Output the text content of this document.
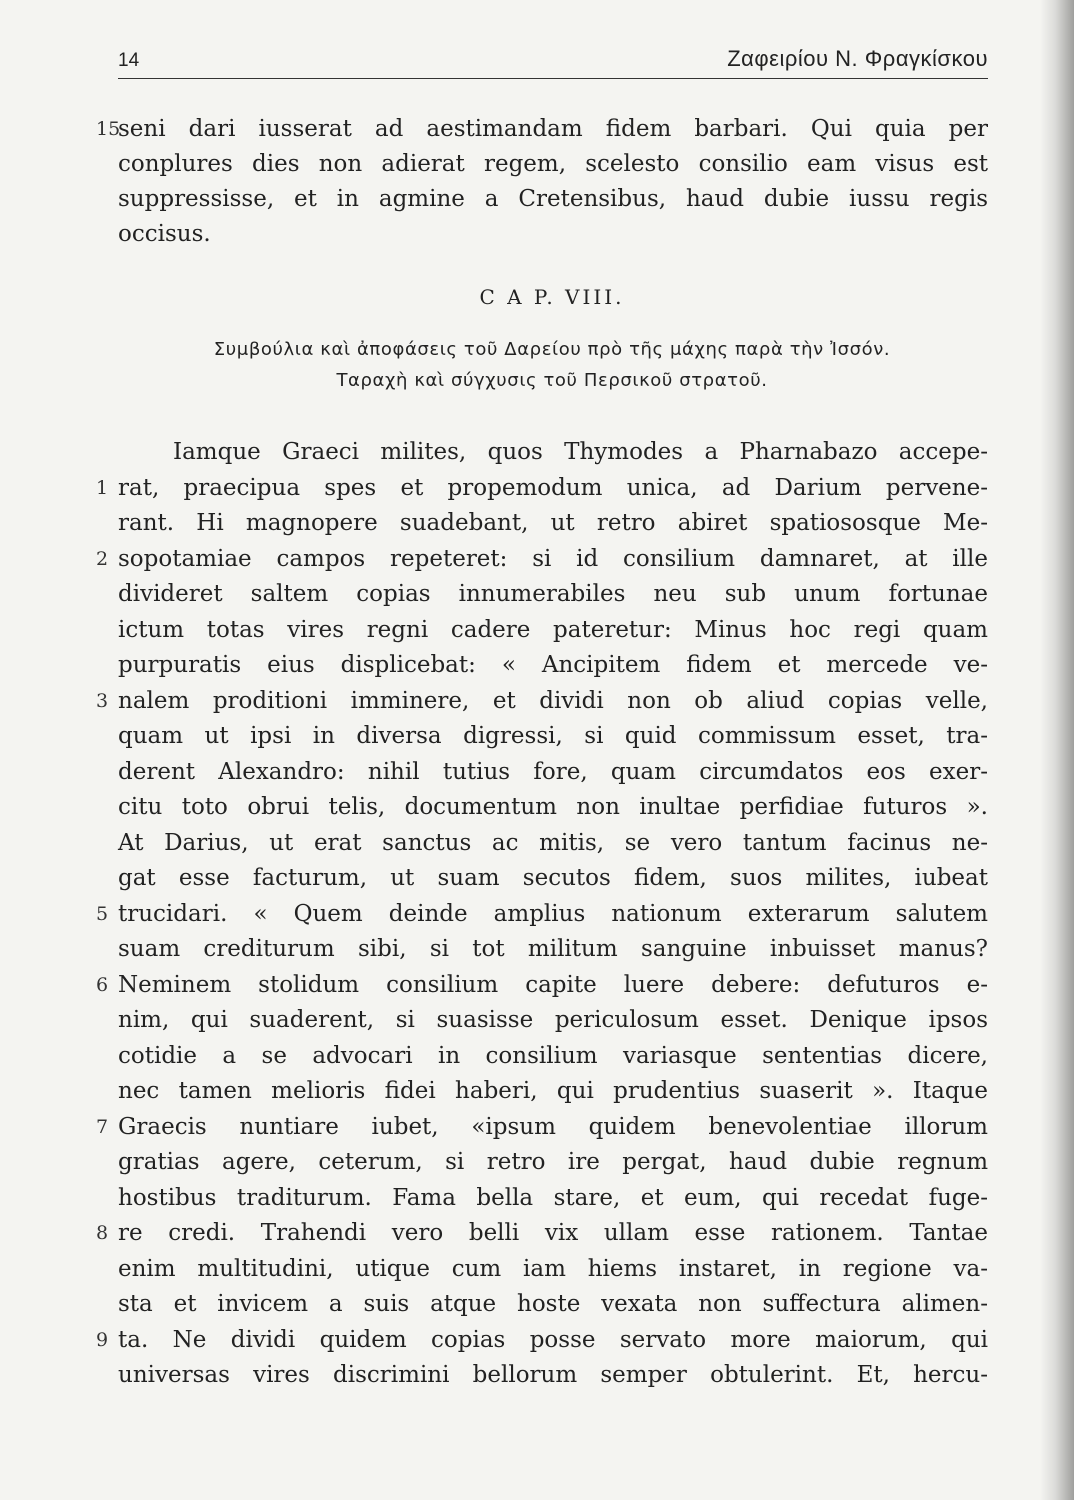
14	Ζαφειρίου Ν. Φραγκίσκου
15
seni dari iusserat ad aestimandam fidem barbari. Qui quia per
conplures dies non adierat regem, scelesto consilio eam visus est
suppressisse, et in agmine a Cretensibus, haud dubie iussu regis
occisus.
C A P. VIII.
Συμβούλια καὶ ἀποφάσεις τοῦ Δαρείου πρὸ τῆς μάχης παρὰ τὴν Ἰσσόν.
Ταραχὴ καὶ σύγχυσις τοῦ Περσικοῦ στρατοῦ.
Iamque Graeci milites, quos Thymodes a Pharnabazo accepe-
1 rat, praecipua spes et propemodum unica, ad Darium pervene-
rant. Hi magnopere suadebant, ut retro abiret spatiososque Me-
2 sopotamiae campos repeteret: si id consilium damnaret, at ille
divideret saltem copias innumerabiles neu sub unum fortunae
ictum totas vires regni cadere pateretur: Minus hoc regi quam
purpuratis eius displicebat: « Ancipitem fidem et mercede ve-
3 nalem proditioni imminere, et dividi non ob aliud copias velle,
quam ut ipsi in diversa digressi, si quid commissum esset, tra-
derent Alexandro: nihil tutius fore, quam circumdatos eos exer-
citu toto obrui telis, documentum non inultae perfidiae futuros ».
At Darius, ut erat sanctus ac mitis, se vero tantum facinus ne-
gat esse facturum, ut suam secutos fidem, suos milites, iubeat
5 trucidari. « Quem deinde amplius nationum exterarum salutem
suam crediturum sibi, si tot militum sanguine inbuisset manus?
6 Neminem stolidum consilium capite luere debere: defuturos e-
nim, qui suaderent, si suasisse periculosum esset. Denique ipsos
cotidie a se advocari in consilium variasque sententias dicere,
nec tamen melioris fidei haberi, qui prudentius suaserit ». Itaque
7 Graecis nuntiare iubet, «ipsum quidem benevolentiae illorum
gratias agere, ceterum, si retro ire pergat, haud dubie regnum
hostibus traditurum. Fama bella stare, et eum, qui recedat fuge-
8 re credi. Trahendi vero belli vix ullam esse rationem. Tantae
enim multitudini, utique cum iam hiems instaret, in regione va-
sta et invicem a suis atque hoste vexata non suffectura alimen-
9 ta. Ne dividi quidem copias posse servato more maiorum, qui
universas vires discrimini bellorum semper obtulerint. Et, hercu-
